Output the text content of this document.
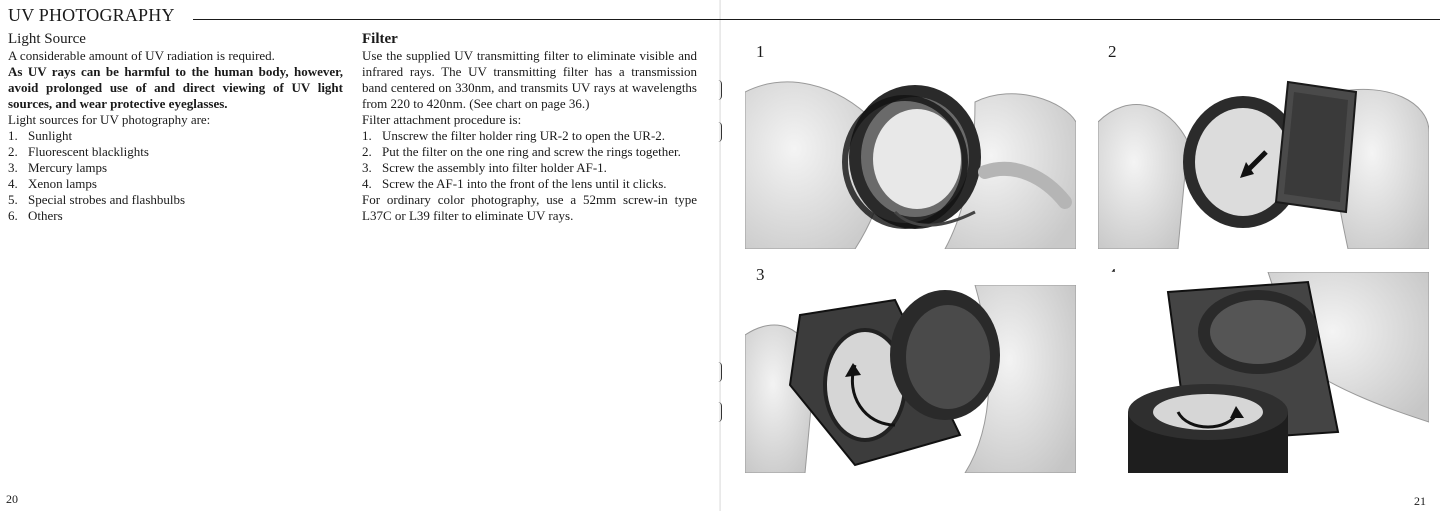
UV PHOTOGRAPHY
Light Source

A considerable amount of UV radiation is required.

As UV rays can be harmful to the human body, however, avoid prolonged use of and direct viewing of UV light sources, and wear protective eyeglasses.

Light sources for UV photography are:

1. Sunlight
2. Fluorescent blacklights
3. Mercury lamps
4. Xenon lamps
5. Special strobes and flashbulbs
6. Others
Filter

Use the supplied UV transmitting filter to eliminate visible and infrared rays. The UV transmitting filter has a transmission band centered on 330nm, and transmits UV rays at wavelengths from 220 to 420nm. (See chart on page 36.)

Filter attachment procedure is:

1. Unscrew the filter holder ring UR-2 to open the UR-2.
2. Put the filter on the one ring and screw the rings together.
3. Screw the assembly into filter holder AF-1.
4. Screw the AF-1 into the front of the lens until it clicks.

For ordinary color photography, use a 52mm screw-in type L37C or L39 filter to eliminate UV rays.

1	2
3
20	21
